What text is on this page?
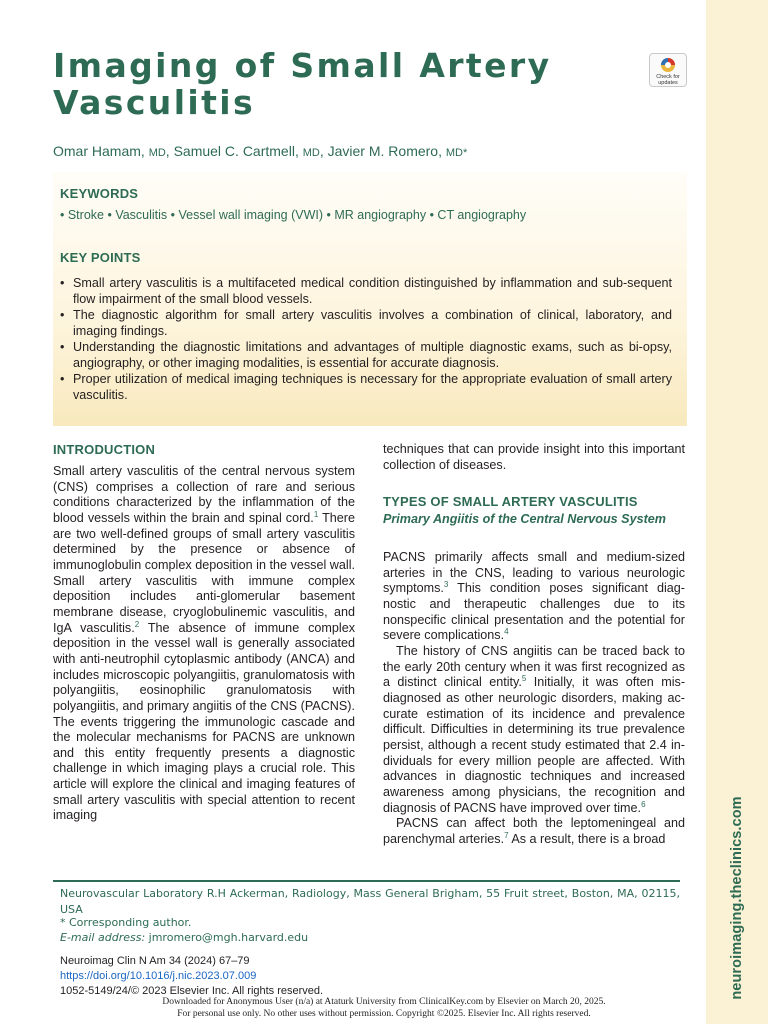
neuroimaging.theclinics.com
Imaging of Small Artery Vasculitis
Check for updates

Omar Hamam, MD, Samuel C. Cartmell, MD, Javier M. Romero, MD*

KEYWORDS

• Stroke • Vasculitis • Vessel wall imaging (VWI) • MR angiography • CT angiography

KEY POINTS
• Small artery vasculitis is a multifaceted medical condition distinguished by inflammation and sub-sequent flow impairment of the small blood vessels.
• The diagnostic algorithm for small artery vasculitis involves a combination of clinical, laboratory, and imaging findings.
• Understanding the diagnostic limitations and advantages of multiple diagnostic exams, such as bi-opsy, angiography, or other imaging modalities, is essential for accurate diagnosis.
• Proper utilization of medical imaging techniques is necessary for the appropriate evaluation of small artery vasculitis.
INTRODUCTION

Small artery vasculitis of the central nervous system (CNS) comprises a collection of rare and serious conditions characterized by the inflammation of the blood vessels within the brain and spinal cord.$^1$ There are two well-defined groups of small artery vasculitis determined by the presence or absence of immunoglobulin complex deposition in the vessel wall. Small artery vasculitis with immune complex deposition includes anti-glomerular basement membrane disease, cryoglobulinemic vasculitis, and IgA vasculitis.$^2$ The absence of immune complex deposition in the vessel wall is generally associated with anti-neutrophil cytoplasmic antibody (ANCA) and includes microscopic polyangiitis, granulomatosis with polyangiitis, eosinophilic granulomatosis with polyangiitis, and primary angiitis of the CNS (PACNS). The events triggering the immunologic cascade and the molecular mechanisms for PACNS are unknown and this entity frequently presents a diagnostic challenge in which imaging plays a crucial role. This article will explore the clinical and imaging features of small artery vasculitis with special attention to recent imaging

techniques that can provide insight into this important collection of diseases.

TYPES OF SMALL ARTERY VASCULITIS
Primary Angiitis of the Central Nervous System

PACNS primarily affects small and medium-sized arteries in the CNS, leading to various neurologic symptoms.$^3$ This condition poses significant diagnostic and therapeutic challenges due to its nonspecific clinical presentation and the potential for severe complications.$^4$

The history of CNS angiitis can be traced back to the early 20th century when it was first recognized as a distinct clinical entity.$^5$ Initially, it was often misdiagnosed as other neurologic disorders, making accurate estimation of its incidence and prevalence difficult. Difficulties in determining its true prevalence persist, although a recent study estimated that 2.4 individuals for every million people are affected. With advances in diagnostic techniques and increased awareness among physicians, the recognition and diagnosis of PACNS have improved over time.$^6$

PACNS can affect both the leptomeningeal and parenchymal arteries.$^7$ As a result, there is a broad

Neurovascular Laboratory R.H Ackerman, Radiology, Mass General Brigham, 55 Fruit street, Boston, MA, 02115, USA

* Corresponding author.

E-mail address: jmromero@mgh.harvard.edu

Neuroimag Clin N Am 34 (2024) 67–79

https://doi.org/10.1016/j.nic.2023.07.009

1052-5149/24/© 2023 Elsevier Inc. All rights reserved.

Downloaded for Anonymous User (n/a) at Ataturk University from ClinicalKey.com by Elsevier on March 20, 2025.

For personal use only. No other uses without permission. Copyright ©2025. Elsevier Inc. All rights reserved.
